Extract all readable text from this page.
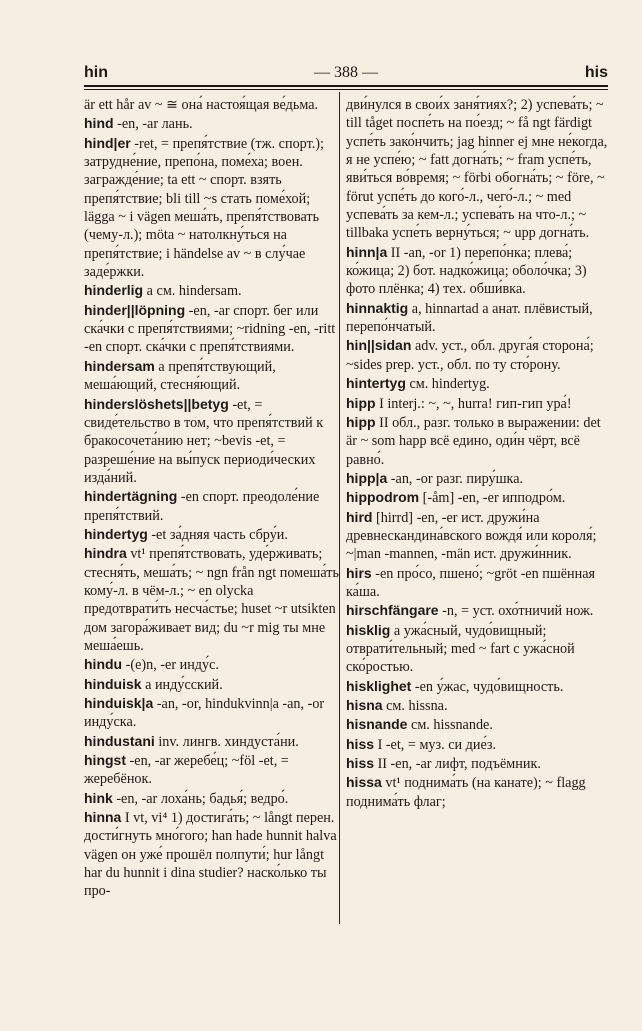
hin	— 388 —	his
är ett hår av ~ ≅ она́ настоя́щая ве́дьма.
hind -en, -ar лань.
hind|er -ret, = препя́тствие (тж. спорт.); затрудне́ние, препо́на, поме́ха; воен. загражде́ние; ta ett ~ спорт. взять препя́тствие; bli till ~s стать поме́хой; lägga ~ i vägen меша́ть, препя́тствовать (чему-л.); möta ~ натолкну́ться на препя́тствие; i händelse av ~ в слу́чае заде́ржки.
hinderlig a см. hindersam.
hinder||löpning -en, -ar спорт. бег или ска́чки с препя́тствиями; ~ridning -en, -ritt -en спорт. ска́чки с препя́тствиями.
hindersam a препя́тствующий, меша́ющий, стесня́ющий.
hinderslöshets||betyg -et, = свиде́тельство в том, что препя́тствий к бракосочета́нию нет; ~bevis -et, = разреше́ние на вы́пуск периоди́ческих изда́ний.
hindertägning -en спорт. преодоле́ние препя́тствий.
hindertyg -et за́дняя часть сбру́и.
hindra vt¹ препя́тствовать, уде́рживать; стесня́ть, меша́ть; ~ ngn från ngt помеша́ть кому́-л. в чём-л.; ~ en olycka предотврати́ть несча́стье; huset ~r utsikten дом загора́живает вид; du ~r mig ты мне меша́ешь.
hindu -(e)n, -er инду́с.
hinduisk a инду́сский.
hinduisk|a -an, -or, hindukvinn|a -an, -or инду́ска.
hindustani inv. лингв. хиндуста́ни.
hingst -en, -ar жеребе́ц; ~föl -et, = жеребёнок.
hink -en, -ar лоха́нь; бадья́; ведро́.
hinna I vt, vi⁴ 1) достига́ть; ~ långt перен. дости́гнуть мно́гого; han hade hunnit halva vägen он уже́ прошёл полпути́; hur långt har du hunnit i dina studier? наско́лько ты про-
дви́нулся в свои́х заня́тиях?; 2) успева́ть; ~ till tåget поспе́ть на по́езд; ~ få ngt färdigt успе́ть зако́нчить; jag hinner ej мне не́когда, я не успе́ю; ~ fatt догна́ть; ~ fram успе́ть, яви́ться во́время; ~ förbi обогна́ть; ~ före, ~ förut успе́ть до кого́-л., чего́-л.; ~ med успева́ть за кем-л.; успева́ть на что-л.; ~ tillbaka успе́ть верну́ться; ~ upp догна́ть.
hinn|a II -an, -or 1) перепо́нка; плева́; ко́жица; 2) бот. надко́жица; оболо́чка; 3) фото плёнка; 4) тех. обши́вка.
hinnaktig a, hinnartad a анат. плёвистый, перепо́нчатый.
hin||sidan adv. уст., обл. друга́я сторона́; ~sides prep. уст., обл. по ту сто́рону.
hintertyg см. hindertyg.
hipp I interj.: ~, ~, hurra! гип-гип ура́!
hipp II обл., разг. только в выражении: det är ~ som happ всё едино, оди́н чёрт, всё равно́.
hipp|a -an, -or разг. пиру́шка.
hippodrom [-åm] -en, -er ипподро́м.
hird [hirrd] -en, -er ист. дружи́на древнескандина́вского вождя́ или короля́; ~|man -mannen, -män ист. дружи́нник.
hirs -en про́со, пшено́; ~gröt -en пшённая ка́ша.
hirschfängare -n, = уст. охо́тничий нож.
hisklig a ужа́сный, чудо́вищный; отврати́тельный; med ~ fart с ужа́сной ско́ростью.
hisklighet -en у́жас, чудо́вищность.
hisna см. hissna.
hisnande см. hissnande.
hiss I -et, = муз. си дие́з.
hiss II -en, -ar лифт, подъёмник.
hissa vt¹ поднима́ть (на канате); ~ flagg поднима́ть флаг;
